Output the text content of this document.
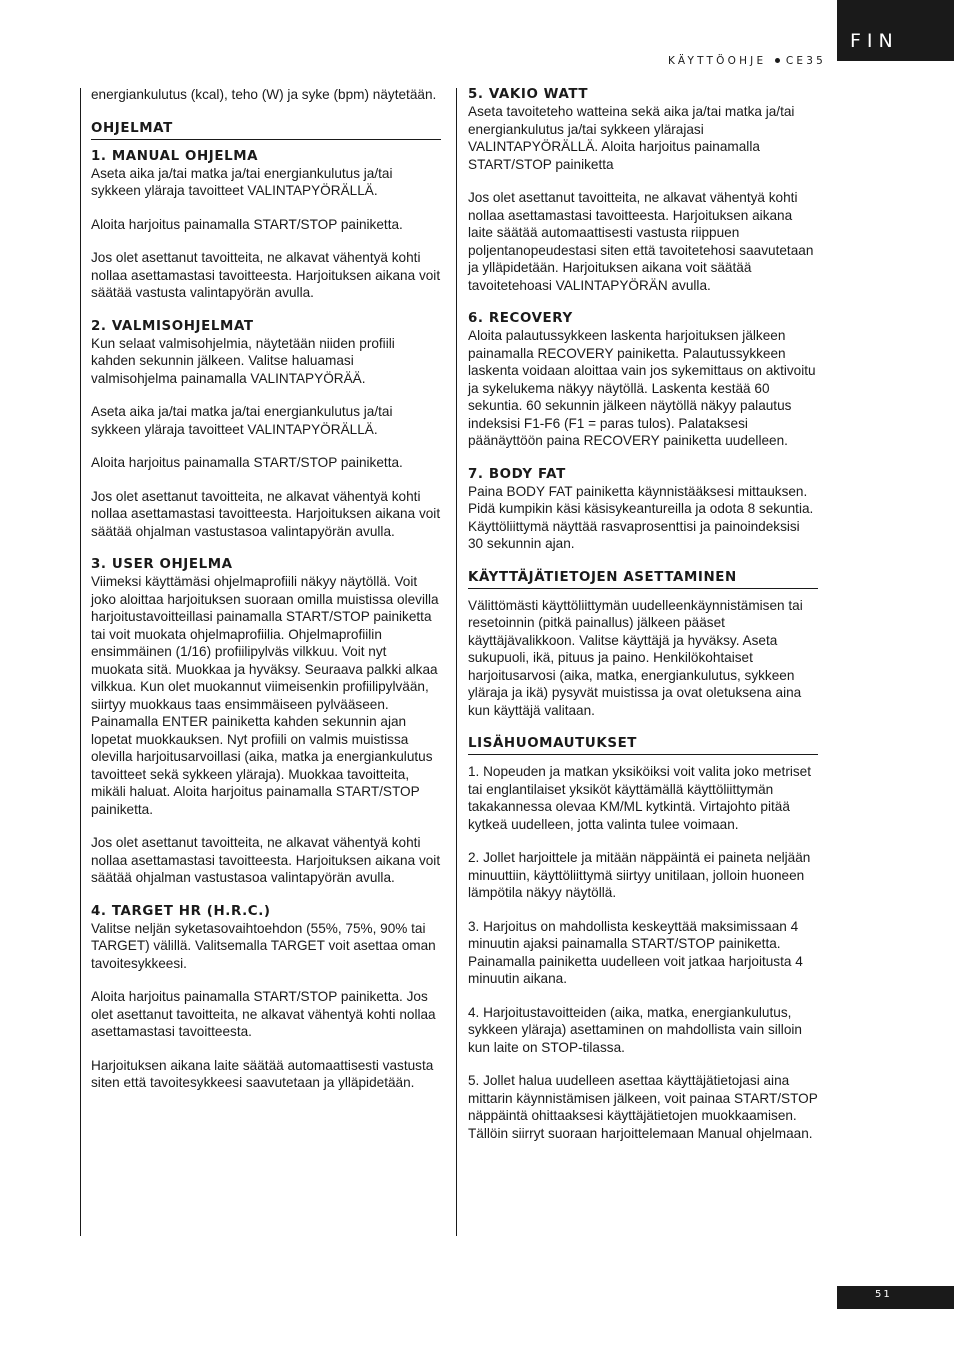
FIN
KÄYTTÖOHJE CE35

energiankulutus (kcal), teho (W) ja syke (bpm) näytetään.

OHJELMAT
1. MANUAL OHJELMA

Aseta aika ja/tai matka ja/tai energiankulutus ja/tai sykkeen yläraja tavoitteet VALINTAPYÖRÄLLÄ.

Aloita harjoitus painamalla START/STOP painiketta.

Jos olet asettanut tavoitteita, ne alkavat vähentyä kohti nollaa asettamastasi tavoitteesta. Harjoituksen aikana voit säätää vastusta valintapyörän avulla.

2. VALMISOHJELMAT

Kun selaat valmisohjelmia, näytetään niiden profiili kahden sekunnin jälkeen. Valitse haluamasi valmisohjelma painamalla VALINTAPYÖRÄÄ.

Aseta aika ja/tai matka ja/tai energiankulutus ja/tai sykkeen yläraja tavoitteet VALINTAPYÖRÄLLÄ.

Aloita harjoitus painamalla START/STOP painiketta.

Jos olet asettanut tavoitteita, ne alkavat vähentyä kohti nollaa asettamastasi tavoitteesta. Harjoituksen aikana voit säätää ohjalman vastustasoa valintapyörän avulla.

3. USER OHJELMA

Viimeksi käyttämäsi ohjelmaprofiili näkyy näytöllä. Voit joko aloittaa harjoituksen suoraan omilla muistissa olevilla harjoitustavoitteillasi painamalla START/STOP painiketta tai voit muokata ohjelmaprofiilia. Ohjelmaprofiilin ensimmäinen (1/16) profiilipylväs vilkkuu. Voit nyt muokata sitä. Muokkaa ja hyväksy. Seuraava palkki alkaa vilkkua. Kun olet muokannut viimeisenkin profiilipylvään, siirtyy muokkaus taas ensimmäiseen pylvääseen. Painamalla ENTER painiketta kahden sekunnin ajan lopetat muokkauksen. Nyt profiili on valmis muistissa olevilla harjoitusarvoillasi (aika, matka ja energiankulutus tavoitteet sekä sykkeen yläraja). Muokkaa tavoitteita, mikäli haluat. Aloita harjoitus painamalla START/STOP painiketta.

Jos olet asettanut tavoitteita, ne alkavat vähentyä kohti nollaa asettamastasi tavoitteesta. Harjoituksen aikana voit säätää ohjalman vastustasoa valintapyörän avulla.

4. TARGET HR (H.R.C.)

Valitse neljän syketasovaihtoehdon (55%, 75%, 90% tai TARGET) välillä. Valitsemalla TARGET voit asettaa oman tavoitesykkeesi.

Aloita harjoitus painamalla START/STOP painiketta. Jos olet asettanut tavoitteita, ne alkavat vähentyä kohti nollaa asettamastasi tavoitteesta.

Harjoituksen aikana laite säätää automaattisesti vastusta siten että tavoitesykkeesi saavutetaan ja ylläpidetään.

5. VAKIO WATT

Aseta tavoiteteho watteina sekä aika ja/tai matka ja/tai energiankulutus ja/tai sykkeen ylärajasi VALINTAPYÖRÄLLÄ. Aloita harjoitus painamalla START/STOP painiketta

Jos olet asettanut tavoitteita, ne alkavat vähentyä kohti nollaa asettamastasi tavoitteesta. Harjoituksen aikana laite säätää automaattisesti vastusta riippuen poljentanopeudestasi siten että tavoitetehosi saavutetaan ja ylläpidetään. Harjoituksen aikana voit säätää tavoitetehoasi VALINTAPYÖRÄN avulla.

6. RECOVERY

Aloita palautussykkeen laskenta harjoituksen jälkeen painamalla RECOVERY painiketta. Palautussykkeen laskenta voidaan aloittaa vain jos sykemittaus on aktivoitu ja sykelukema näkyy näytöllä. Laskenta kestää 60 sekuntia. 60 sekunnin jälkeen näytöllä näkyy palautus indeksisi F1-F6 (F1 = paras tulos). Palataksesi päänäyttöön paina RECOVERY painiketta uudelleen.

7. BODY FAT

Paina BODY FAT painiketta käynnistääksesi mittauksen. Pidä kumpikin käsi käsisykeantureilla ja odota 8 sekuntia. Käyttöliittymä näyttää rasvaprosenttisi ja painoindeksisi 30 sekunnin ajan.

KÄYTTÄJÄTIETOJEN ASETTAMINEN

Välittömästi käyttöliittymän uudelleenkäynnistämisen tai resetoinnin (pitkä painallus) jälkeen pääset käyttäjävalikkoon. Valitse käyttäjä ja hyväksy. Aseta sukupuoli, ikä, pituus ja paino. Henkilökohtaiset harjoitusarvosi (aika, matka, energiankulutus, sykkeen yläraja ja ikä) pysyvät muistissa ja ovat oletuksena aina kun käyttäjä valitaan.

LISÄHUOMAUTUKSET

1. Nopeuden ja matkan yksiköiksi voit valita joko metriset tai englantilaiset yksiköt käyttämällä käyttöliittymän takakannessa olevaa KM/ML kytkintä. Virtajohto pitää kytkeä uudelleen, jotta valinta tulee voimaan.

2. Jollet harjoittele ja mitään näppäintä ei paineta neljään minuuttiin, käyttöliittymä siirtyy unitilaan, jolloin huoneen lämpötila näkyy näytöllä.

3. Harjoitus on mahdollista keskeyttää maksimissaan 4 minuutin ajaksi painamalla START/STOP painiketta. Painamalla painiketta uudelleen voit jatkaa harjoitusta 4 minuutin aikana.

4. Harjoitustavoitteiden (aika, matka, energiankulutus, sykkeen yläraja) asettaminen on mahdollista vain silloin kun laite on STOP-tilassa.

5. Jollet halua uudelleen asettaa käyttäjätietojasi aina mittarin käynnistämisen jälkeen, voit painaa START/STOP näppäintä ohittaaksesi käyttäjätietojen muokkaamisen. Tällöin siirryt suoraan harjoittelemaan Manual ohjelmaan.

51
